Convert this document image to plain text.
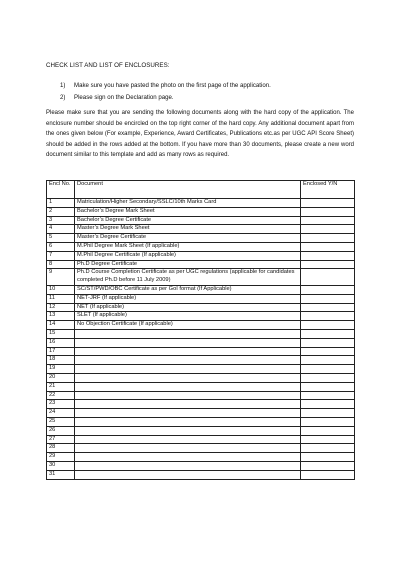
CHECK LIST AND LIST OF ENCLOSURES:
1) Make sure you have pasted the photo on the first page of the application.
2) Please sign on the Declaration page.

Please make sure that you are sending the following documents along with the hard copy of the application. The enclosure number should be encircled on the top right corner of the hard copy. Any additional document apart from the ones given below (For example, Experience, Award Certificates, Publications etc.as per UGC API Score Sheet) should be added in the rows added at the bottom. If you have more than 30 documents, please create a new word document similar to this template and add as many rows as required.

Encl No.	Document	Enclosed Y/N
1	Matriculation/Higher Secondary/SSLC/10th Marks Card	
2	Bachelor’s Degree Mark Sheet	
3	Bachelor’s Degree Certificate	
4	Master’s Degree Mark Sheet	
5	Master’s Degree Certificate	
6	M.Phil Degree Mark Sheet (If applicable)	
7	M.Phil Degree Certificate (If applicable)	
8	Ph.D Degree Certificate	
9	Ph.D Course Completion Certificate as per UGC regulations (applicable for candidates completed Ph.D before 11 July 2009)	
10	SC/ST/PWD/OBC Certificate as per GoI format (If Applicable)	
11	NET-JRF (If applicable)	
12	NET (If applicable)	
13	SLET (If applicable)	
14	No Objection Certificate (If applicable)	
15		
16		
17		
18		
19		
20		
21		
22		
23		
24		
25		
26		
27		
28		
29		
30		
31		
